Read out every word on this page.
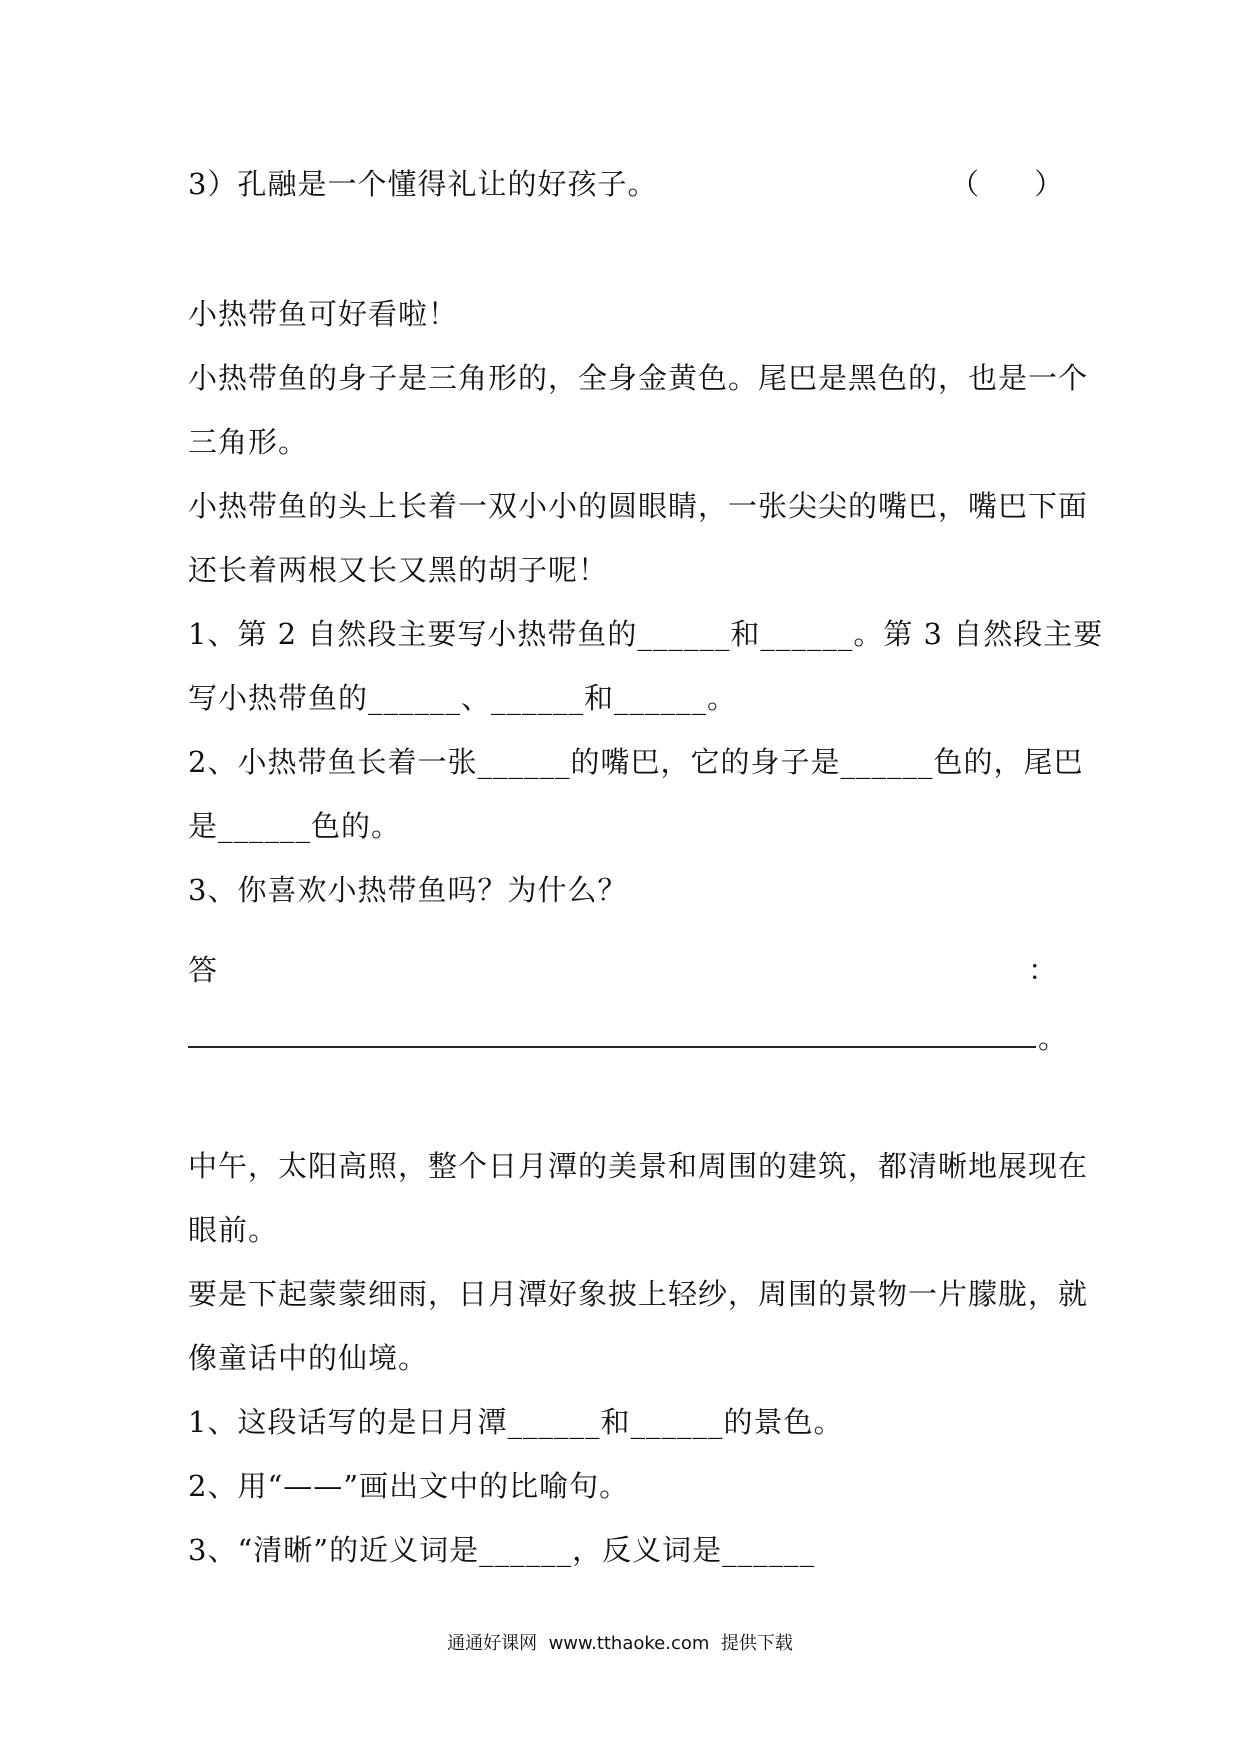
3）孔融是一个懂得礼让的好孩子。	（      ）
小热带鱼可好看啦！
小热带鱼的身子是三角形的，全身金黄色。尾巴是黑色的，也是一个
三角形。
小热带鱼的头上长着一双小小的圆眼睛，一张尖尖的嘴巴，嘴巴下面
还长着两根又长又黑的胡子呢！
1、第 2 自然段主要写小热带鱼的______和______。第 3 自然段主要
写小热带鱼的______、______和______。
2、小热带鱼长着一张______的嘴巴，它的身子是______色的，尾巴
是______色的。
3、你喜欢小热带鱼吗？为什么？
答	：
。
中午，太阳高照，整个日月潭的美景和周围的建筑，都清晰地展现在
眼前。
要是下起蒙蒙细雨，日月潭好象披上轻纱，周围的景物一片朦胧，就
像童话中的仙境。
1、这段话写的是日月潭______和______的景色。
2、用“——”画出文中的比喻句。
3、“清晰”的近义词是______，反义词是______
通通好课网  www.tthaoke.com  提供下载
